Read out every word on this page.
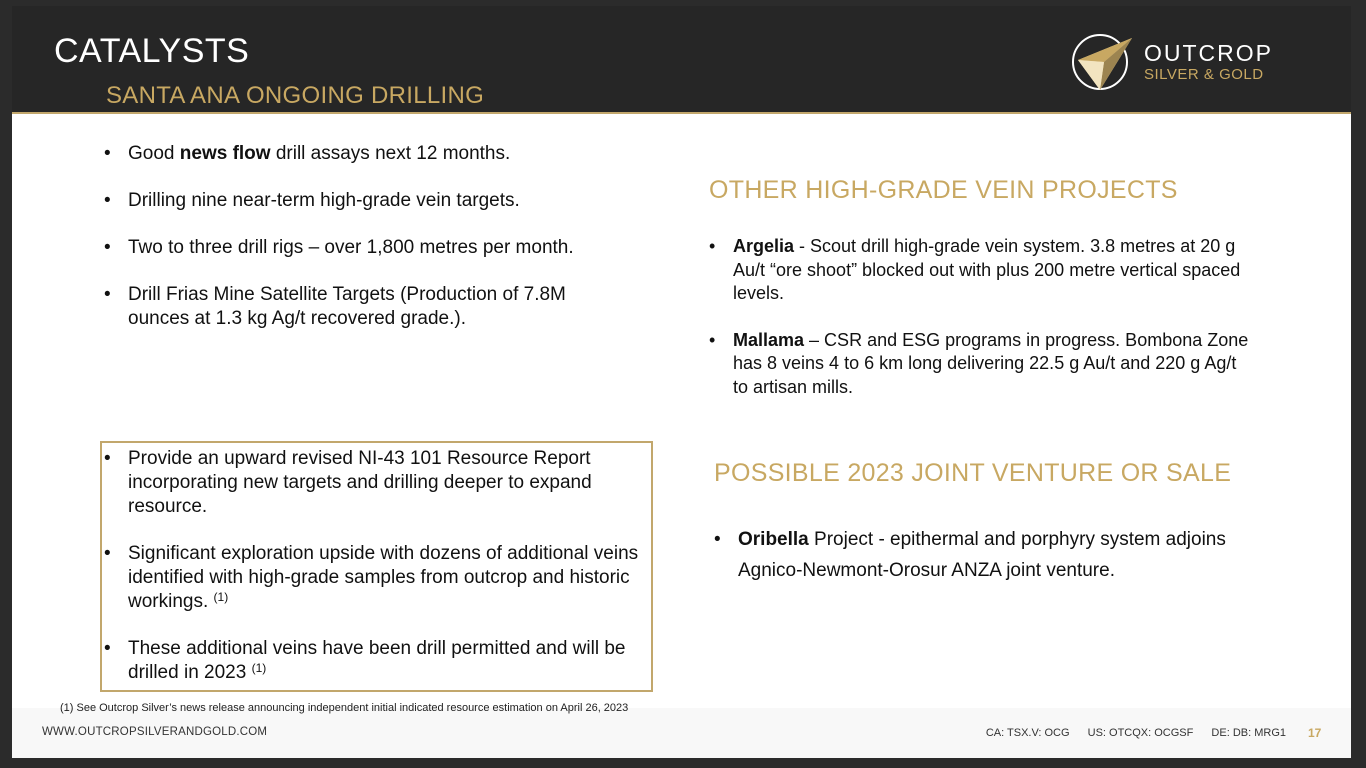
CATALYSTS
SANTA ANA ONGOING DRILLING
OUTCROP
SILVER & GOLD
• Good news flow drill assays next 12 months.
• Drilling nine near-term high-grade vein targets.
• Two to three drill rigs – over 1,800 metres per month.
• Drill Frias Mine Satellite Targets (Production of 7.8M ounces at 1.3 kg Ag/t recovered grade.).
• Provide an upward revised NI-43 101 Resource Report incorporating new targets and drilling deeper to expand resource.
• Significant exploration upside with dozens of additional veins identified with high-grade samples from outcrop and historic workings. $^{(1)}$
• These additional veins have been drill permitted and will be drilled in 2023 $^{(1)}$
OTHER HIGH-GRADE VEIN PROJECTS
• Argelia - Scout drill high-grade vein system. 3.8 metres at 20 g Au/t “ore shoot” blocked out with plus 200 metre vertical spaced levels.
• Mallama – CSR and ESG programs in progress. Bombona Zone has 8 veins 4 to 6 km long delivering 22.5 g Au/t and 220 g Ag/t to artisan mills.
POSSIBLE 2023 JOINT VENTURE OR SALE
• Oribella Project - epithermal and porphyry system adjoins Agnico-Newmont-Orosur ANZA joint venture.
(1) See Outcrop Silver’s news release announcing independent initial indicated resource estimation on April 26, 2023
WWW.OUTCROPSILVERANDGOLD.COM	CA: TSX.V: OCG US: OTCQX: OCGSF DE: DB: MRG1 17
